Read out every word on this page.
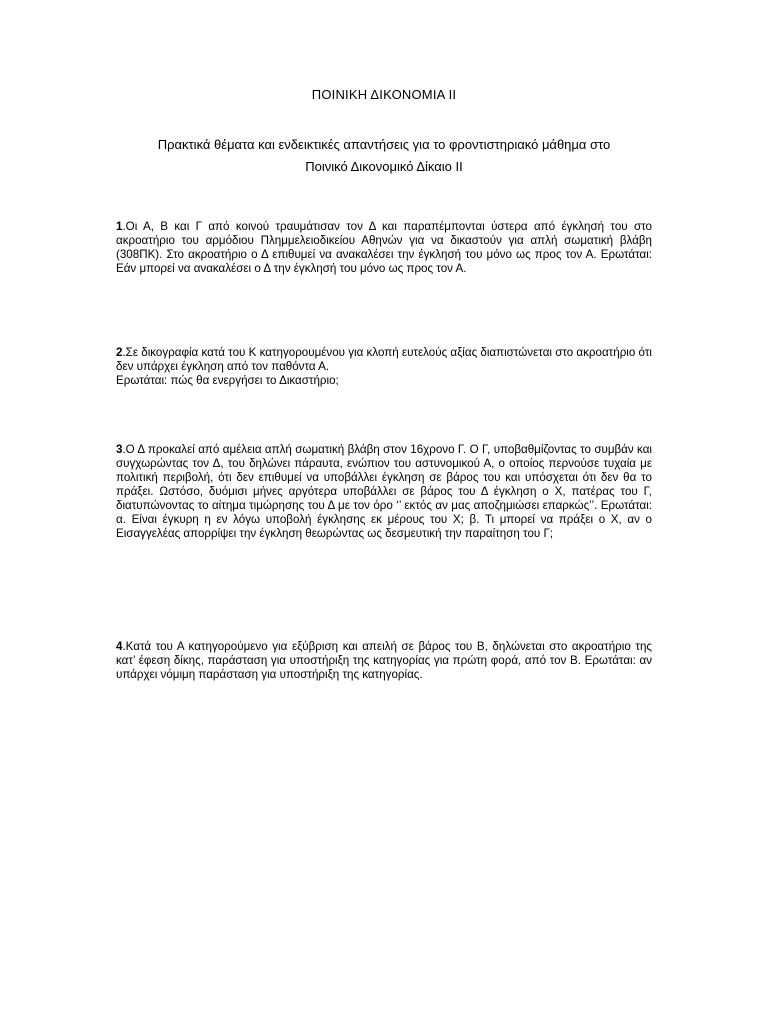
ΠΟΙΝΙΚΗ ΔΙΚΟΝΟΜΙΑ ΙΙ
Πρακτικά θέματα και ενδεικτικές απαντήσεις για το φροντιστηριακό μάθημα στο
Ποινικό Δικονομικό Δίκαιο ΙΙ
1.Οι Α, Β και Γ από κοινού τραυμάτισαν τον Δ και παραπέμπονται ύστερα από έγκλησή του στο ακροατήριο του αρμόδιου Πλημμελειοδικείου Αθηνών για να δικαστούν για απλή σωματική βλάβη (308ΠΚ). Στο ακροατήριο ο Δ επιθυμεί να ανακαλέσει την έγκλησή του μόνο ως προς τον Α. Ερωτάται: Εάν μπορεί να ανακαλέσει ο Δ την έγκλησή του μόνο ως προς τον Α.
2.Σε δικογραφία κατά του Κ κατηγορουμένου για κλοπή ευτελούς αξίας διαπιστώνεται στο ακροατήριο ότι δεν υπάρχει έγκληση από τον παθόντα Α.
Ερωτάται: πώς θα ενεργήσει το Δικαστήριο;
3.Ο Δ προκαλεί από αμέλεια απλή σωματική βλάβη στον 16χρονο Γ. Ο Γ, υποβαθμίζοντας το συμβάν και συγχωρώντας τον Δ, του δηλώνει πάραυτα, ενώπιον του αστυνομικού Α, ο οποίος περνούσε τυχαία με πολιτική περιβολή, ότι δεν επιθυμεί να υποβάλλει έγκληση σε βάρος του και υπόσχεται ότι δεν θα το πράξει. Ωστόσο, δυόμισι μήνες αργότερα υποβάλλει σε βάρος του Δ έγκληση ο Χ, πατέρας του Γ, διατυπώνοντας το αίτημα τιμώρησης του Δ με τον όρο ‘’ εκτός αν μας αποζημιώσει επαρκώς’’. Ερωτάται: α. Είναι έγκυρη η εν λόγω υποβολή έγκλησης εκ μέρους του Χ; β. Τι μπορεί να πράξει ο Χ, αν ο Εισαγγελέας απορρίψει την έγκληση θεωρώντας ως δεσμευτική την παραίτηση του Γ;
4.Κατά του Α κατηγορούμενο για εξύβριση και απειλή σε βάρος του Β, δηλώνεται στο ακροατήριο της κατ’ έφεση δίκης, παράσταση για υποστήριξη της κατηγορίας για πρώτη φορά, από τον Β. Ερωτάται: αν υπάρχει νόμιμη παράσταση για υποστήριξη της κατηγορίας.
